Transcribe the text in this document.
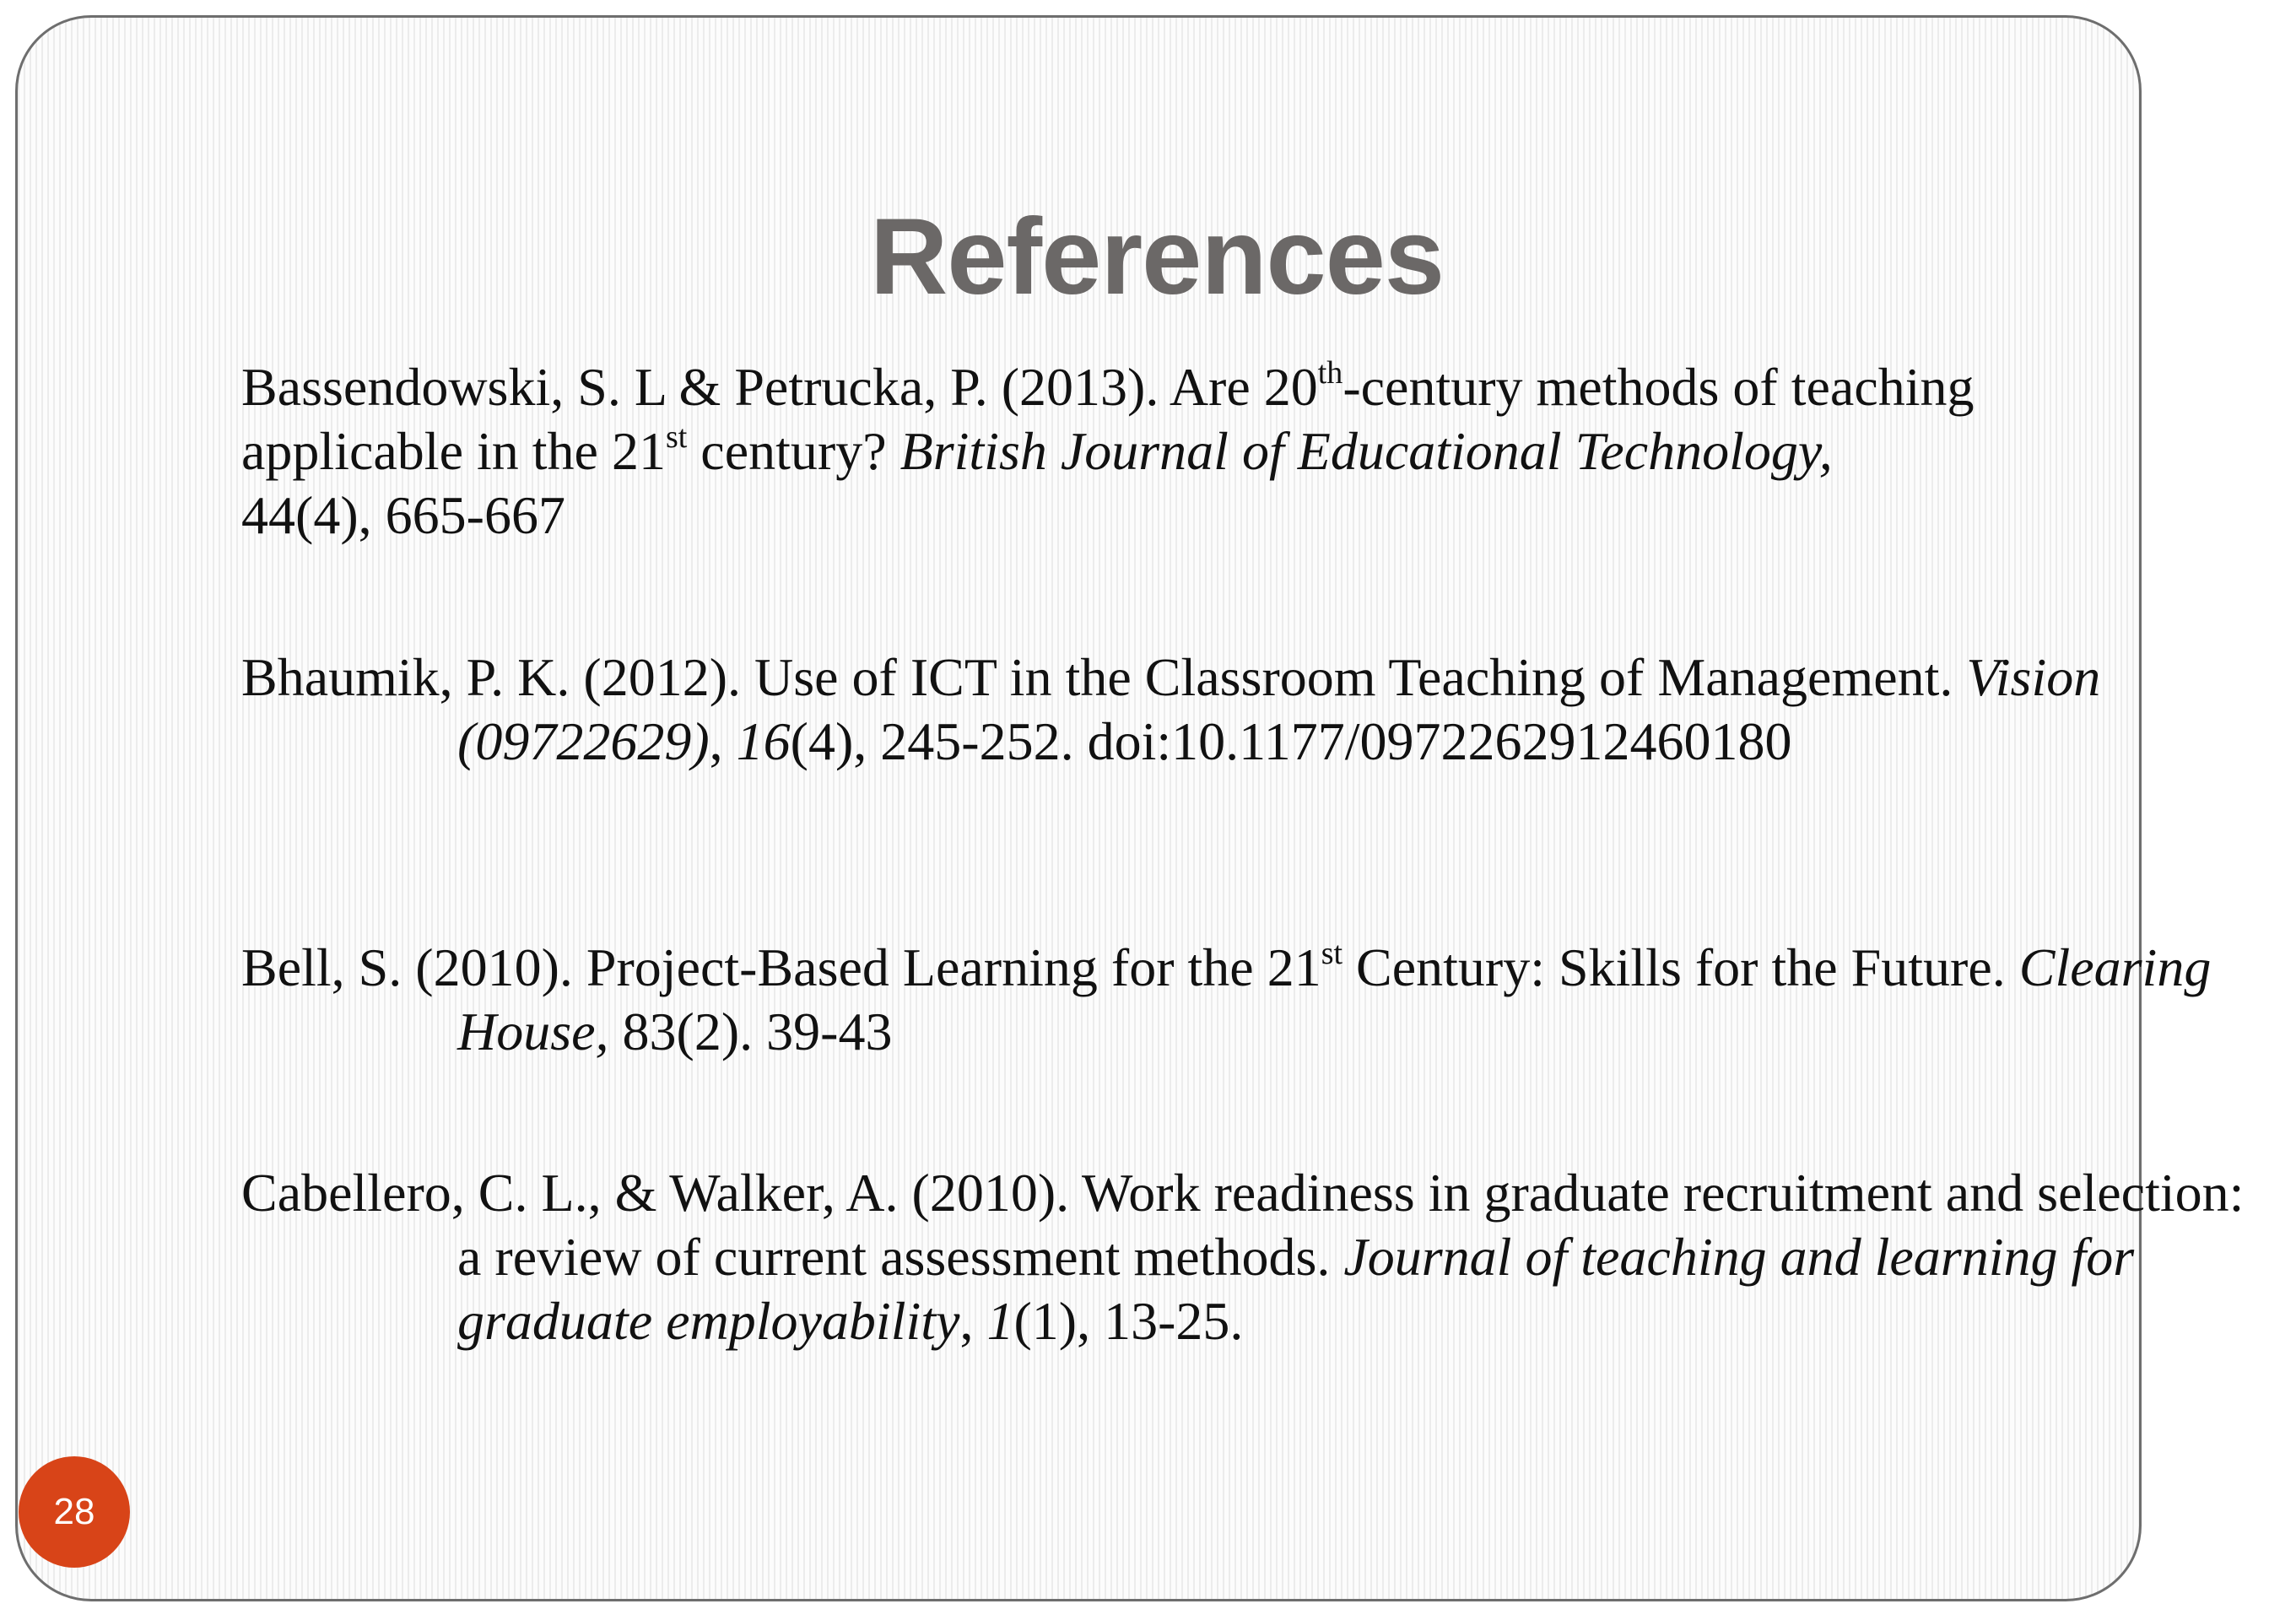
References

Bassendowski, S. L & Petrucka, P. (2013). Are 20th-century methods of teaching applicable in the 21st century? British Journal of Educational Technology,44(4), 665-667

Bhaumik, P. K. (2012). Use of ICT in the Classroom Teaching of Management. Vision (09722629), 16(4), 245-252. doi:10.1177/0972262912460180

Bell, S. (2010). Project-Based Learning for the 21st Century: Skills for the Future. Clearing House, 83(2). 39-43

Cabellero, C. L., & Walker, A. (2010). Work readiness in graduate recruitment and selection: a review of current assessment methods. Journal of teaching and learning for graduate employability, 1(1), 13-25.

28
